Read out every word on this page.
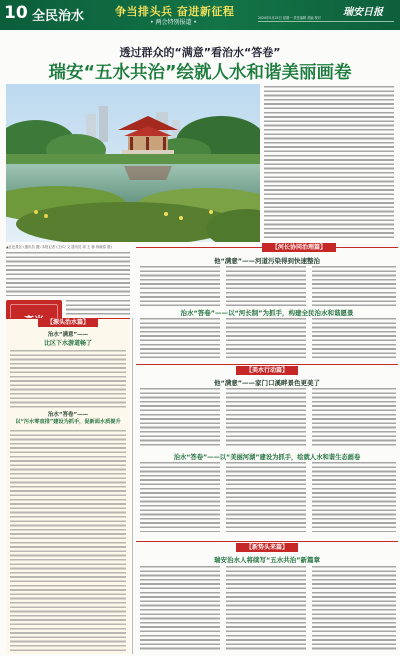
10 全民治水	争当排头兵 奋进新征程
• 两会特别报道 •
2020年5月25日 星期一 责任编辑 美编 校对 瑞安日报
透过群众的“满意”看治水“答卷”
瑞安“五水共治”绘就人水和谐美丽画卷
▲红色景区 (通讯员 摄) 本报记者 (王/C/ 文 通讯员 周 王 蓉 杨晓春 摄)	【河长协同治理篇】
他“满意”——河道污染得到快速整治
治水“答卷”——以“河长制”为抓手，构建全民治水和谐愿景
【源头治水篇】
治水“满意”——
比区下水游道畅了
治水“答卷”——
以“污水零直排”建设为抓手，促新面水质提升
【美水行动篇】
他“满意”——家门口溪畔景色更美了
治水“答卷”——以“美丽河湖”建设为抓手，绘就人水和谐生态画卷
【新势头来篇】
瑞安治水人将续写“五水共治”新篇章
